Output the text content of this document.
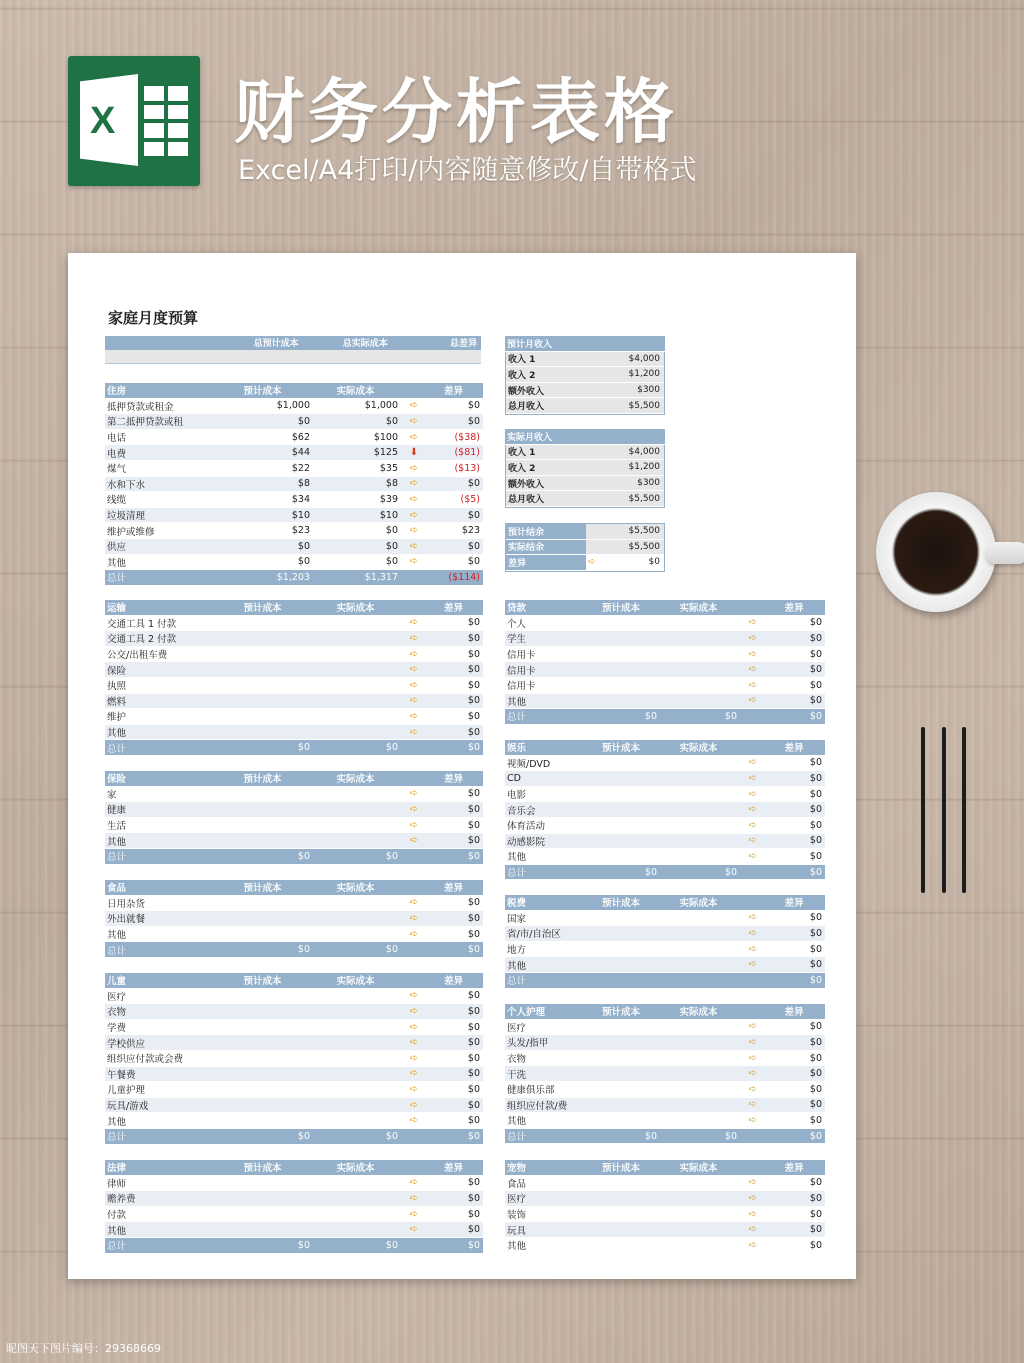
X 财务分析表格
Excel/A4打印/内容随意修改/自带格式
家庭月度预算
总预计成本	总实际成本	总差异
住房	预计成本	实际成本	差异
抵押贷款或租金	$1,000	$1,000	➪	$0
第二抵押贷款或租	$0	$0	➪	$0
电话	$62	$100	➪	($38)
电费	$44	$125	⬇	($81)
煤气	$22	$35	➪	($13)
水和下水	$8	$8	➪	$0
线缆	$34	$39	➪	($5)
垃圾清理	$10	$10	➪	$0
维护或维修	$23	$0	➪	$23
供应	$0	$0	➪	$0
其他	$0	$0	➪	$0
总计	$1,203	$1,317	($114)
运输	预计成本	实际成本	差异
交通工具 1 付款	➪	$0
交通工具 2 付款	➪	$0
公交/出租车费	➪	$0
保险	➪	$0
执照	➪	$0
燃料	➪	$0
维护	➪	$0
其他	➪	$0
总计	$0	$0	$0
保险	预计成本	实际成本	差异
家	➪	$0
健康	➪	$0
生活	➪	$0
其他	➪	$0
总计	$0	$0	$0
食品	预计成本	实际成本	差异
日用杂货	➪	$0
外出就餐	➪	$0
其他	➪	$0
总计	$0	$0	$0
儿童	预计成本	实际成本	差异
医疗	➪	$0
衣物	➪	$0
学费	➪	$0
学校供应	➪	$0
组织应付款或会费	➪	$0
午餐费	➪	$0
儿童护理	➪	$0
玩具/游戏	➪	$0
其他	➪	$0
总计	$0	$0	$0
法律	预计成本	实际成本	差异
律师	➪	$0
赡养费	➪	$0
付款	➪	$0
其他	➪	$0
总计	$0	$0	$0
贷款	预计成本	实际成本	差异
个人	➪	$0
学生	➪	$0
信用卡	➪	$0
信用卡	➪	$0
信用卡	➪	$0
其他	➪	$0
总计	$0	$0	$0
娱乐	预计成本	实际成本	差异
视频/DVD	➪	$0
CD	➪	$0
电影	➪	$0
音乐会	➪	$0
体育活动	➪	$0
动感影院	➪	$0
其他	➪	$0
总计	$0	$0	$0
税费	预计成本	实际成本	差异
国家	➪	$0
省/市/自治区	➪	$0
地方	➪	$0
其他	➪	$0
总计	$0
个人护理	预计成本	实际成本	差异
医疗	➪	$0
头发/指甲	➪	$0
衣物	➪	$0
干洗	➪	$0
健康俱乐部	➪	$0
组织应付款/费	➪	$0
其他	➪	$0
总计	$0	$0	$0
宠物	预计成本	实际成本	差异
食品	➪	$0
医疗	➪	$0
装饰	➪	$0
玩具	➪	$0
其他	➪	$0
预计月收入
收入 1	$4,000
收入 2	$1,200
额外收入	$300
总月收入	$5,500
实际月收入
收入 1	$4,000
收入 2	$1,200
额外收入	$300
总月收入	$5,500
预计结余	$5,500
实际结余	$5,500
差异	➪	$0
昵图天下图片编号：29368669
